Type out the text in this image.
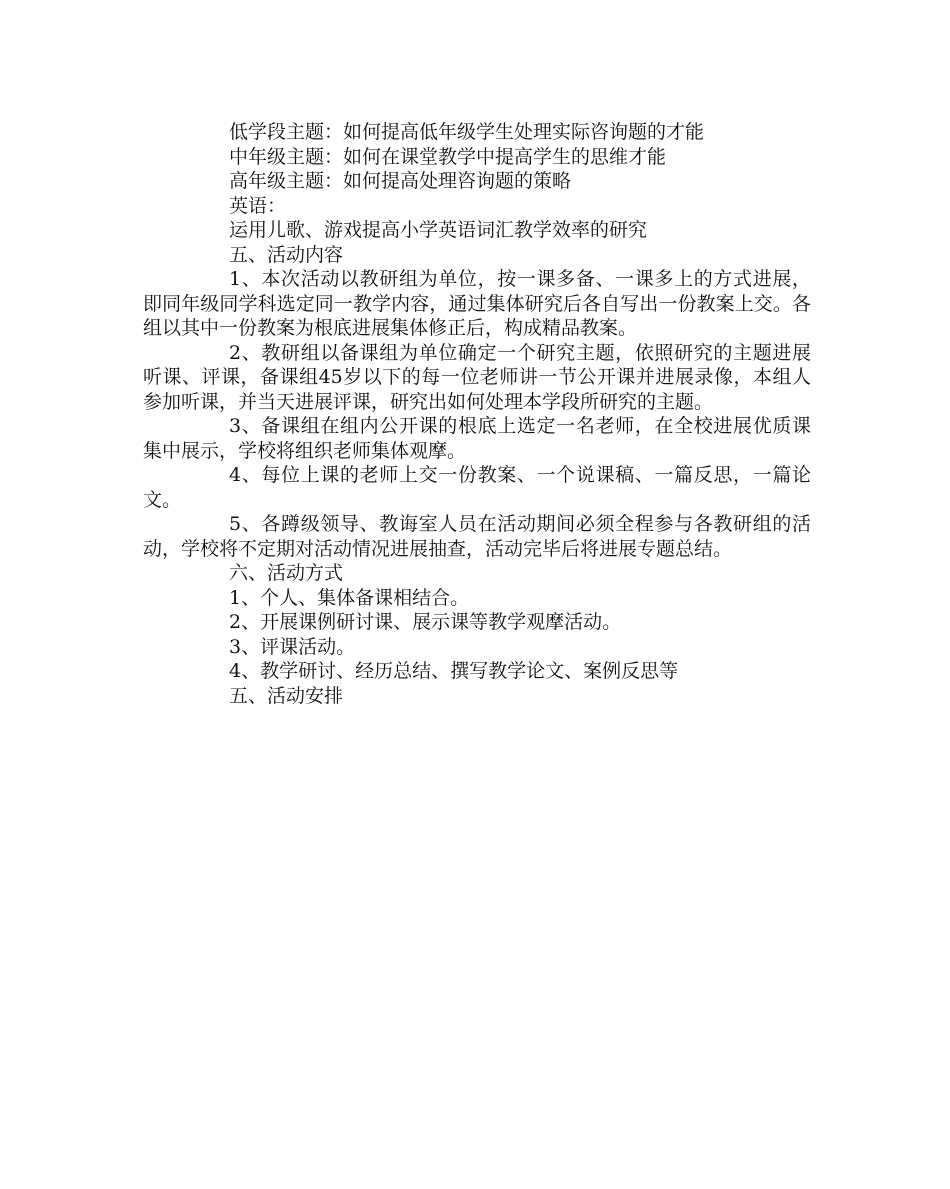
低学段主题：如何提高低年级学生处理实际咨询题的才能

中年级主题：如何在课堂教学中提高学生的思维才能

高年级主题：如何提高处理咨询题的策略

英语：

运用儿歌、游戏提高小学英语词汇教学效率的研究

五、活动内容

1、本次活动以教研组为单位，按一课多备、一课多上的方式进展，即同年级同学科选定同一教学内容，通过集体研究后各自写出一份教案上交。各组以其中一份教案为根底进展集体修正后，构成精品教案。

2、教研组以备课组为单位确定一个研究主题，依照研究的主题进展听课、评课，备课组45岁以下的每一位老师讲一节公开课并进展录像，本组人参加听课，并当天进展评课，研究出如何处理本学段所研究的主题。

3、备课组在组内公开课的根底上选定一名老师，在全校进展优质课集中展示，学校将组织老师集体观摩。

4、每位上课的老师上交一份教案、一个说课稿、一篇反思，一篇论文。

5、各蹲级领导、教诲室人员在活动期间必须全程参与各教研组的活动，学校将不定期对活动情况进展抽查，活动完毕后将进展专题总结。

六、活动方式

1、个人、集体备课相结合。

2、开展课例研讨课、展示课等教学观摩活动。

3、评课活动。

4、教学研讨、经历总结、撰写教学论文、案例反思等

五、活动安排
